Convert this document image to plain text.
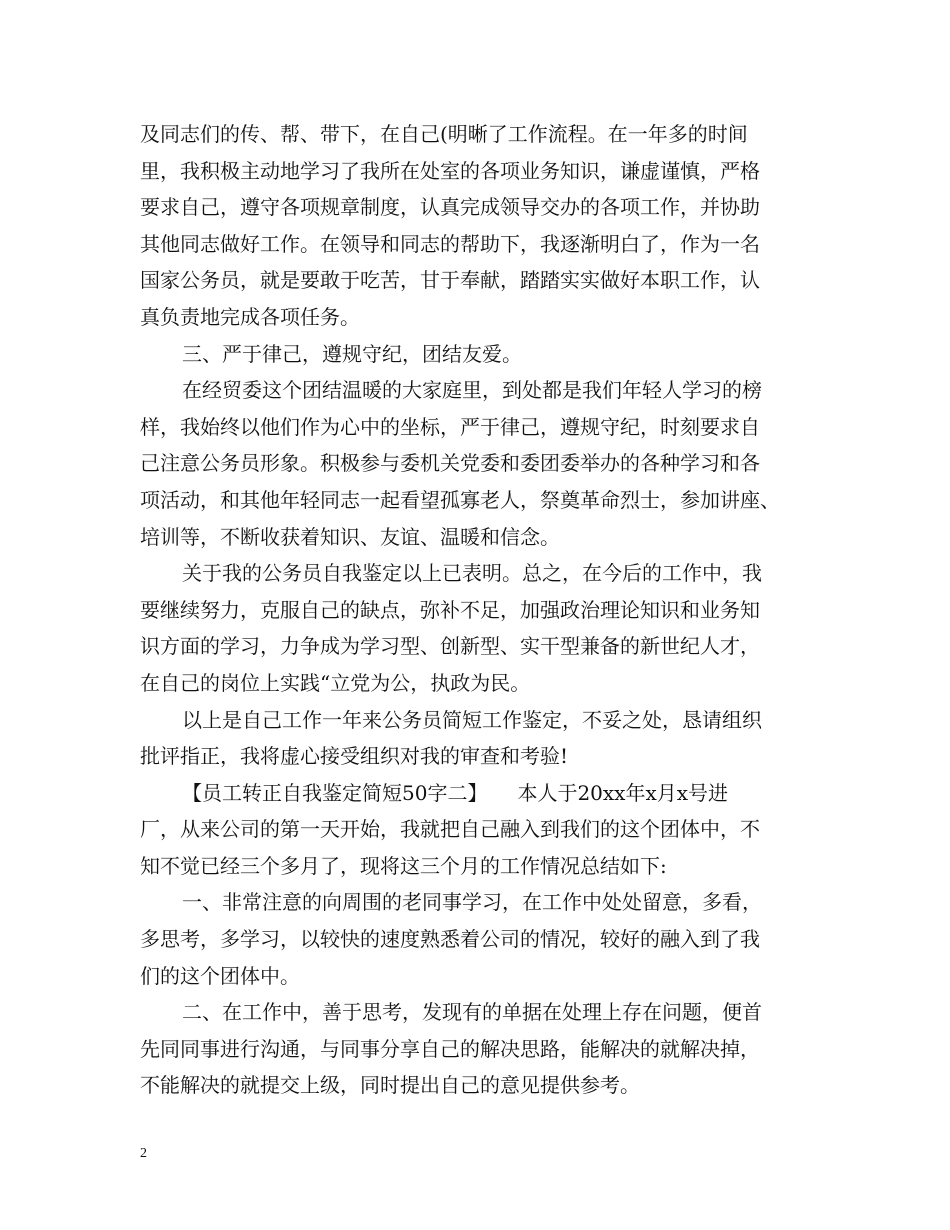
及同志们的传、帮、带下，在自己(明晰了工作流程。在一年多的时间
里，我积极主动地学习了我所在处室的各项业务知识，谦虚谨慎，严格
要求自己，遵守各项规章制度，认真完成领导交办的各项工作，并协助
其他同志做好工作。在领导和同志的帮助下，我逐渐明白了，作为一名
国家公务员，就是要敢于吃苦，甘于奉献，踏踏实实做好本职工作，认
真负责地完成各项任务。
三、严于律己，遵规守纪，团结友爱。
在经贸委这个团结温暖的大家庭里，到处都是我们年轻人学习的榜
样，我始终以他们作为心中的坐标，严于律己，遵规守纪，时刻要求自
己注意公务员形象。积极参与委机关党委和委团委举办的各种学习和各
项活动，和其他年轻同志一起看望孤寡老人，祭奠革命烈士，参加讲座、
培训等，不断收获着知识、友谊、温暖和信念。
关于我的公务员自我鉴定以上已表明。总之，在今后的工作中，我
要继续努力，克服自己的缺点，弥补不足，加强政治理论知识和业务知
识方面的学习，力争成为学习型、创新型、实干型兼备的新世纪人才，
在自己的岗位上实践“立党为公，执政为民。
以上是自己工作一年来公务员简短工作鉴定，不妥之处，恳请组织
批评指正，我将虚心接受组织对我的审查和考验!
【员工转正自我鉴定简短50字二】　　本人于20xx年x月x号进
厂，从来公司的第一天开始，我就把自己融入到我们的这个团体中，不
知不觉已经三个多月了，现将这三个月的工作情况总结如下:
一、非常注意的向周围的老同事学习，在工作中处处留意，多看，
多思考，多学习，以较快的速度熟悉着公司的情况，较好的融入到了我
们的这个团体中。
二、在工作中，善于思考，发现有的单据在处理上存在问题，便首
先同同事进行沟通，与同事分享自己的解决思路，能解决的就解决掉，
不能解决的就提交上级，同时提出自己的意见提供参考。
2
